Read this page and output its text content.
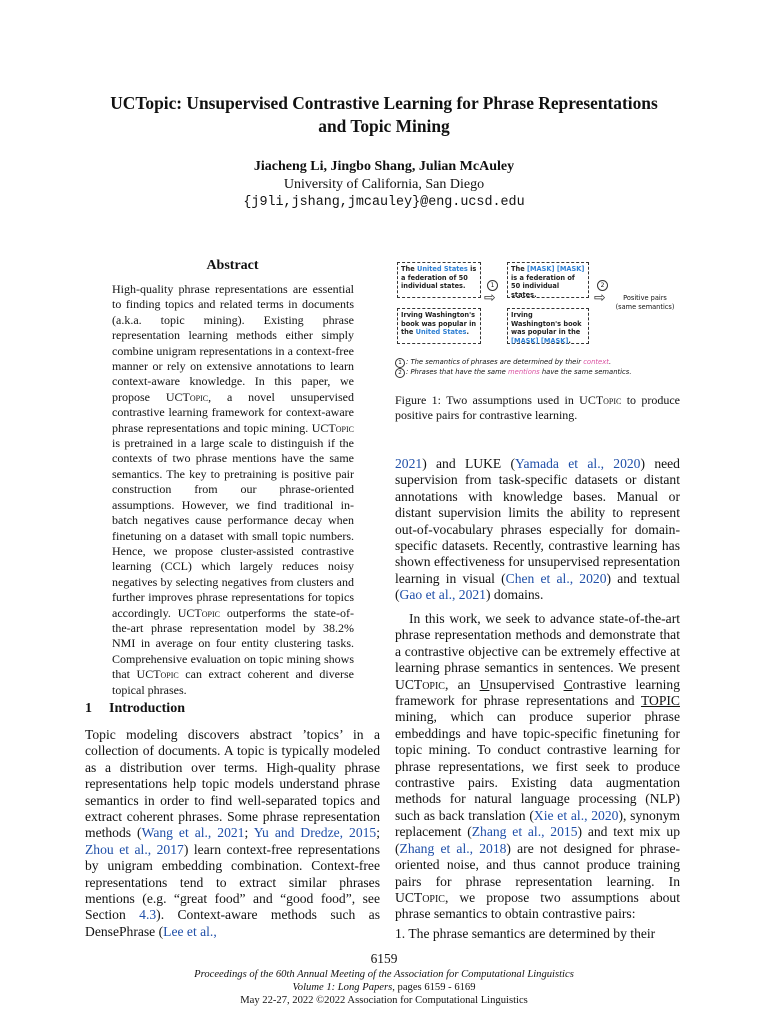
UCTopic: Unsupervised Contrastive Learning for Phrase Representations
and Topic Mining
Jiacheng Li, Jingbo Shang, Julian McAuley
University of California, San Diego
{j9li,jshang,jmcauley}@eng.ucsd.edu
Abstract

High-quality phrase representations are essential to finding topics and related terms in documents (a.k.a. topic mining). Existing phrase representation learning methods either simply combine unigram representations in a context-free manner or rely on extensive annotations to learn context-aware knowledge. In this paper, we propose UCTopic, a novel unsupervised contrastive learning framework for context-aware phrase representations and topic mining. UCTopic is pretrained in a large scale to distinguish if the contexts of two phrase mentions have the same semantics. The key to pretraining is positive pair construction from our phrase-oriented assumptions. However, we find traditional in-batch negatives cause performance decay when finetuning on a dataset with small topic numbers. Hence, we propose cluster-assisted contrastive learning (CCL) which largely reduces noisy negatives by selecting negatives from clusters and further improves phrase representations for topics accordingly. UCTopic outperforms the state-of-the-art phrase representation model by 38.2% NMI in average on four entity clustering tasks. Comprehensive evaluation on topic mining shows that UCTopic can extract coherent and diverse topical phrases.

1 Introduction

Topic modeling discovers abstract ’topics’ in a collection of documents. A topic is typically modeled as a distribution over terms. High-quality phrase representations help topic models understand phrase semantics in order to find well-separated topics and extract coherent phrases. Some phrase representation methods (Wang et al., 2021; Yu and Dredze, 2015; Zhou et al., 2017) learn context-free representations by unigram embedding combination. Context-free representations tend to extract similar phrases mentions (e.g. “great food” and “good food”, see Section 4.3). Context-aware methods such as DensePhrase (Lee et al.,

The United States is a federation of 50 individual states.
Irving Washington's book was popular in the United States.
1
⇨
The [MASK] [MASK] is a federation of 50 individual states.
Irving Washington's book was popular in the [MASK] [MASK].
2
⇨	Positive pairs
(same semantics)
1 : The semantics of phrases are determined by their context.
2 : Phrases that have the same mentions have the same semantics.

Figure 1: Two assumptions used in UCTopic to produce positive pairs for contrastive learning.

2021) and LUKE (Yamada et al., 2020) need supervision from task-specific datasets or distant annotations with knowledge bases. Manual or distant supervision limits the ability to represent out-of-vocabulary phrases especially for domain-specific datasets. Recently, contrastive learning has shown effectiveness for unsupervised representation learning in visual (Chen et al., 2020) and textual (Gao et al., 2021) domains.

In this work, we seek to advance state-of-the-art phrase representation methods and demonstrate that a contrastive objective can be extremely effective at learning phrase semantics in sentences. We present UCTopic, an Unsupervised Contrastive learning framework for phrase representations and TOPIC mining, which can produce superior phrase embeddings and have topic-specific finetuning for topic mining. To conduct contrastive learning for phrase representations, we first seek to produce contrastive pairs. Existing data augmentation methods for natural language processing (NLP) such as back translation (Xie et al., 2020), synonym replacement (Zhang et al., 2015) and text mix up (Zhang et al., 2018) are not designed for phrase-oriented noise, and thus cannot produce training pairs for phrase representation learning. In UCTopic, we propose two assumptions about phrase semantics to obtain contrastive pairs:

1. The phrase semantics are determined by their

6159
Proceedings of the 60th Annual Meeting of the Association for Computational Linguistics
Volume 1: Long Papers, pages 6159 - 6169
May 22-27, 2022 ©2022 Association for Computational Linguistics
